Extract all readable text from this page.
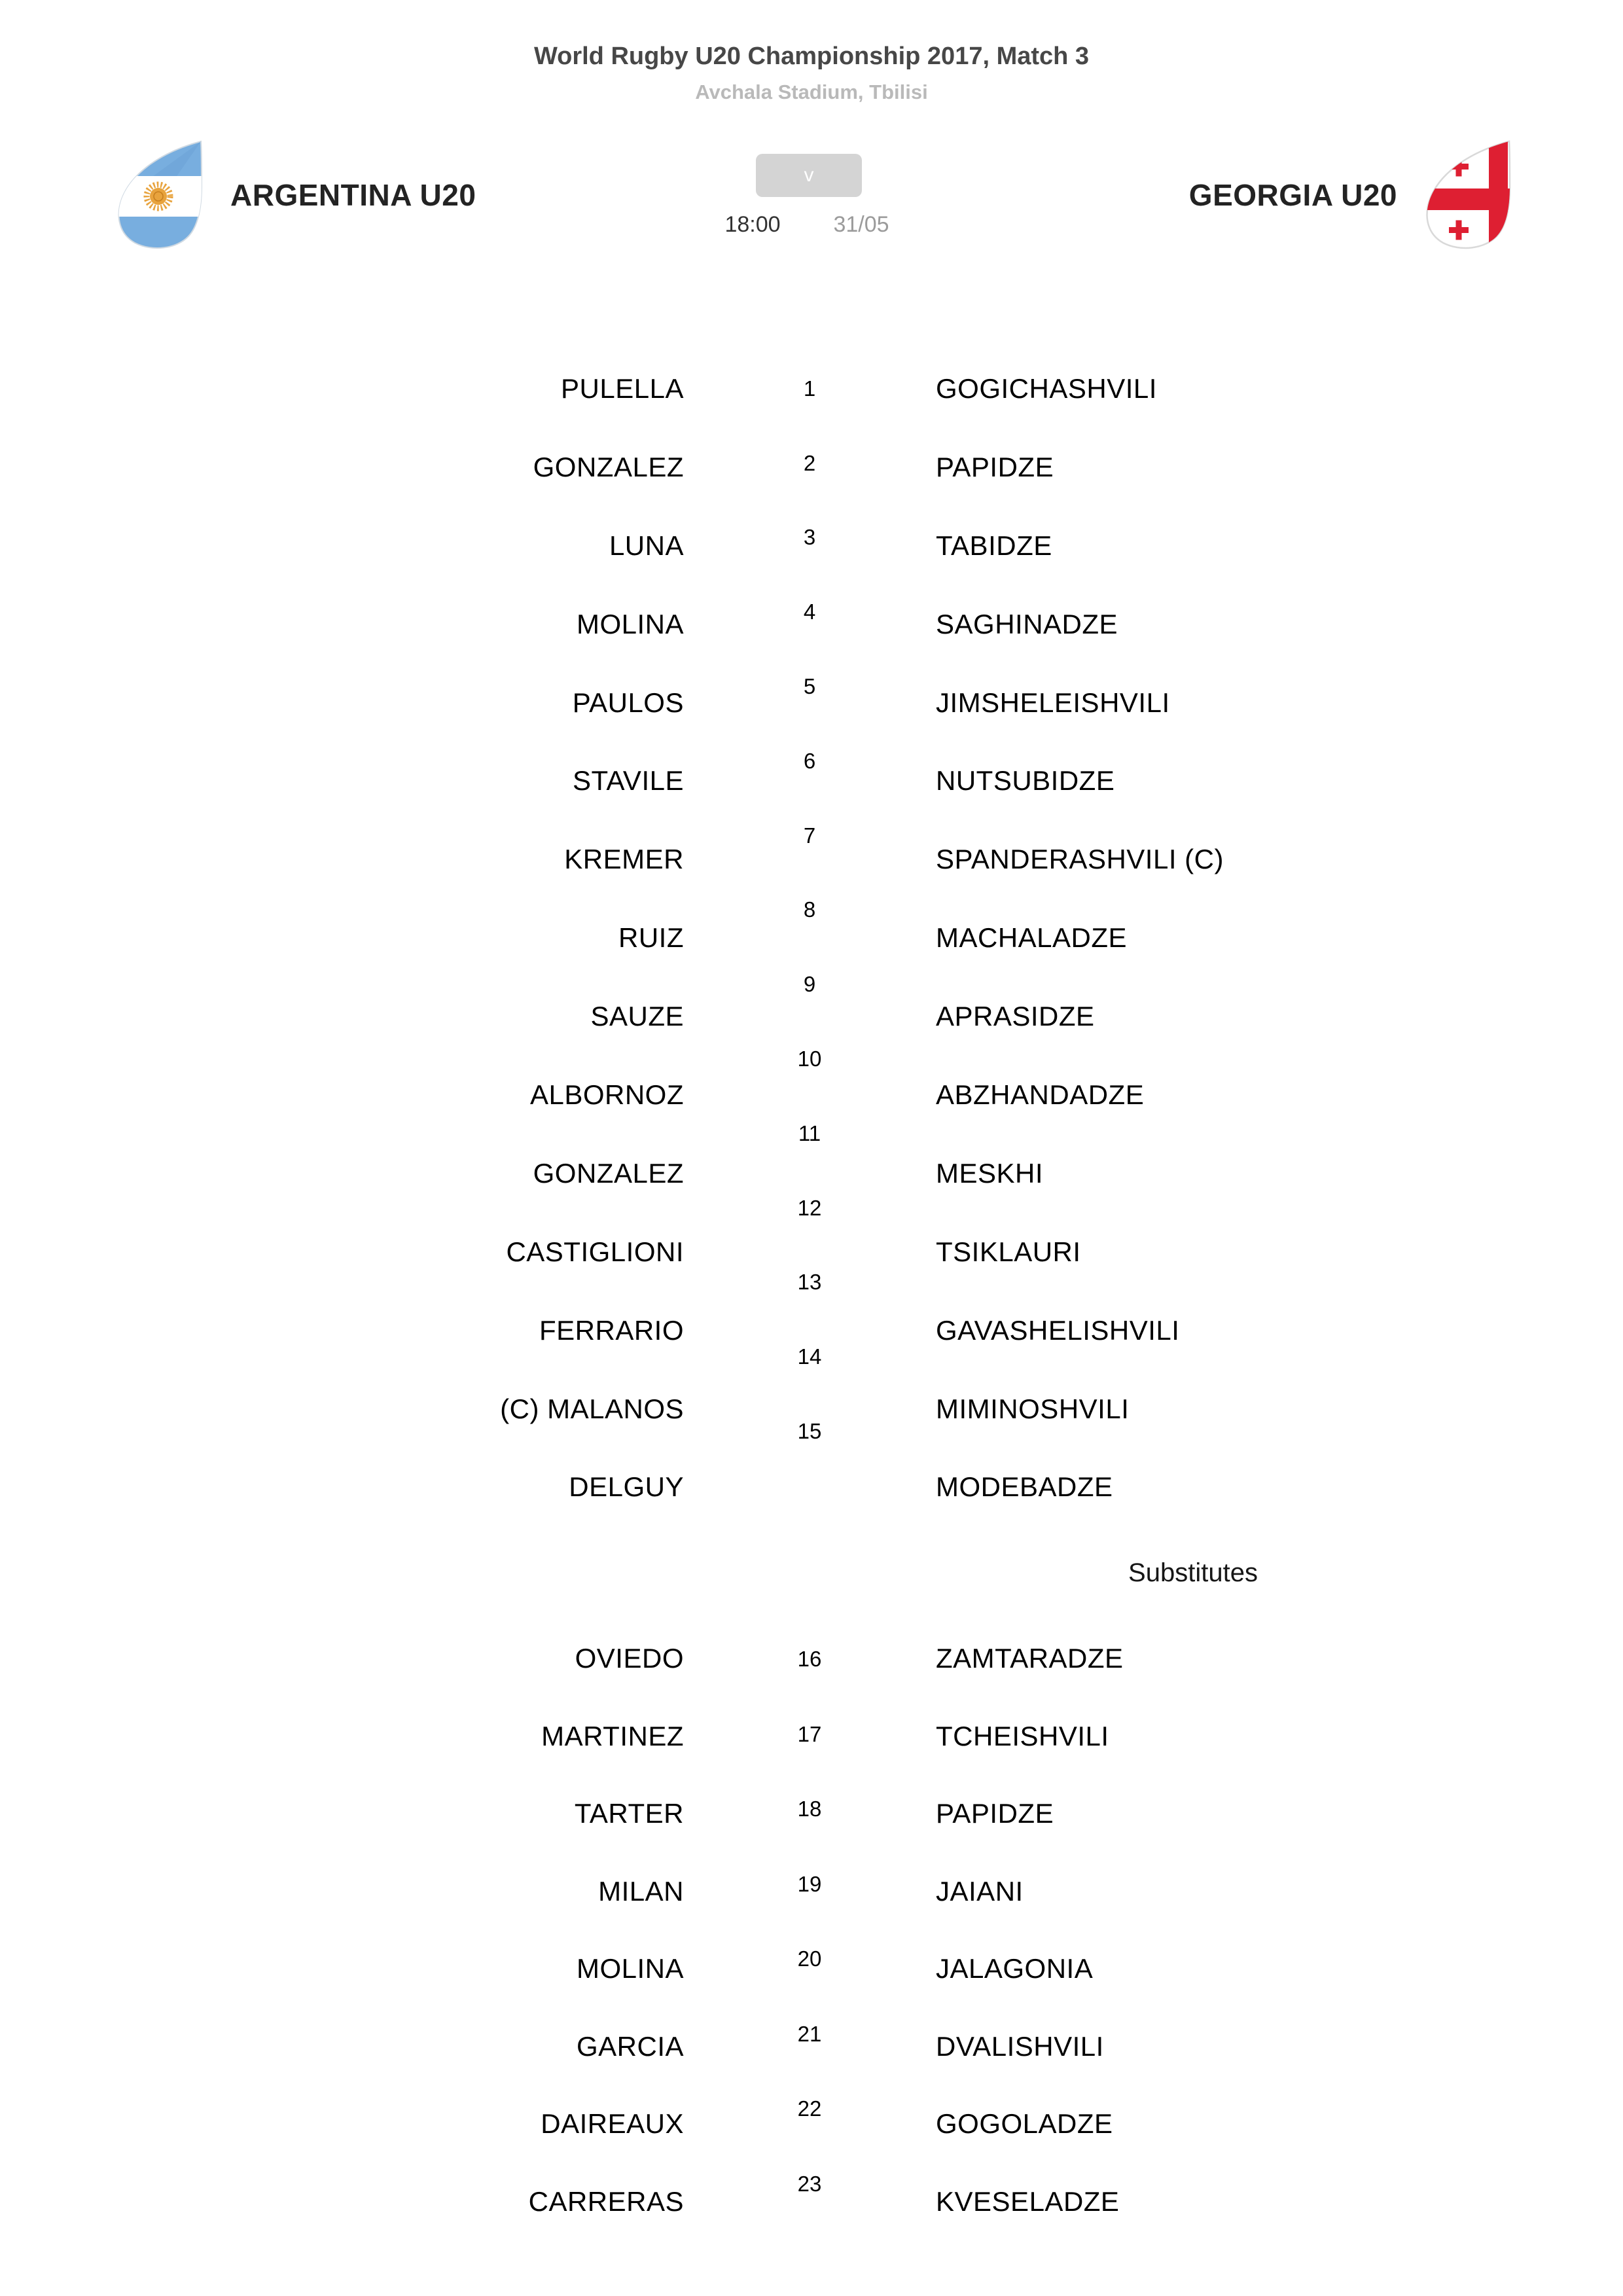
World Rugby U20 Championship 2017, Match 3
Avchala Stadium, Tbilisi
ARGENTINA U20
v
18:00 31/05
GEORGIA U20
PULELLA
GONZALEZ
LUNA
MOLINA
PAULOS
STAVILE
KREMER
RUIZ
SAUZE
ALBORNOZ
GONZALEZ
CASTIGLIONI
FERRARIO
(C) MALANOS
DELGUY
1
2
3
4
5
6
7
8
9
10
11
12
13
14
15
GOGICHASHVILI
PAPIDZE
TABIDZE
SAGHINADZE
JIMSHELEISHVILI
NUTSUBIDZE
SPANDERASHVILI (C)
MACHALADZE
APRASIDZE
ABZHANDADZE
MESKHI
TSIKLAURI
GAVASHELISHVILI
MIMINOSHVILI
MODEBADZE
Substitutes
OVIEDO
MARTINEZ
TARTER
MILAN
MOLINA
GARCIA
DAIREAUX
CARRERAS
16
17
18
19
20
21
22
23
ZAMTARADZE
TCHEISHVILI
PAPIDZE
JAIANI
JALAGONIA
DVALISHVILI
GOGOLADZE
KVESELADZE
